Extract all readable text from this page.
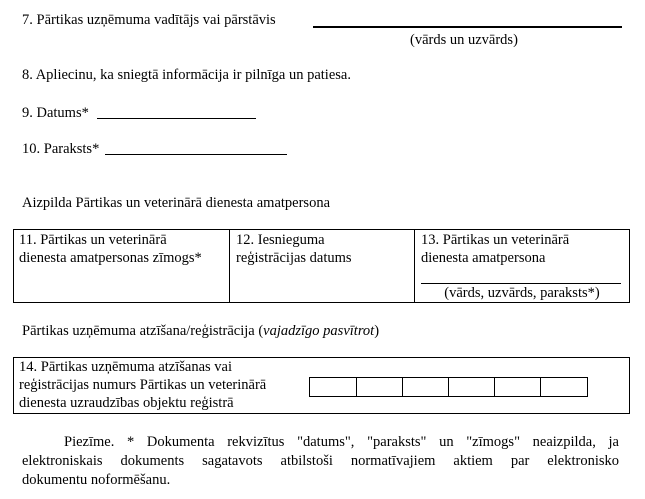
7. Pārtikas uzņēmuma vadītājs vai pārstāvis
(vārds un uzvārds)
8. Apliecinu, ka sniegtā informācija ir pilnīga un patiesa.
9. Datums*
10. Paraksts*
Aizpilda Pārtikas un veterinārā dienesta amatpersona
11. Pārtikas un veterinārā
dienesta amatpersonas zīmogs*
12. Iesnieguma
reģistrācijas datums
13. Pārtikas un veterinārā
dienesta amatpersona
(vārds, uzvārds, paraksts*)
Pārtikas uzņēmuma atzīšana/reģistrācija (vajadzīgo pasvītrot)
14. Pārtikas uzņēmuma atzīšanas vai
reģistrācijas numurs Pārtikas un veterinārā
dienesta uzraudzības objektu reģistrā
Piezīme. * Dokumenta rekvizītus "datums", "paraksts" un "zīmogs" neaizpilda, ja
elektroniskais dokuments sagatavots atbilstoši normatīvajiem aktiem par elektronisko
dokumentu noformēšanu.
